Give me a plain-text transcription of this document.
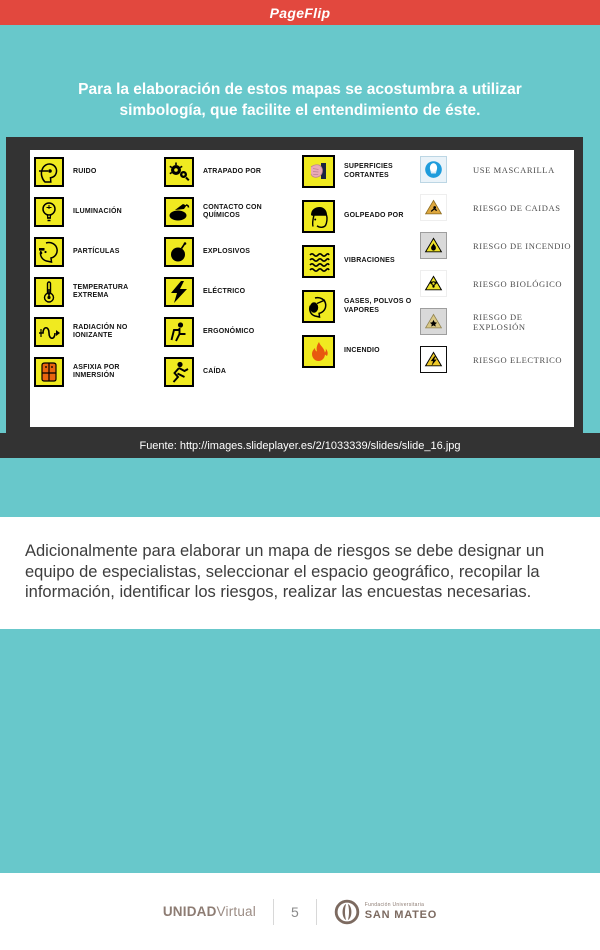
PageFlip
Para la elaboración de estos mapas se acostumbra a utilizar
simbología, que facilite el entendimiento de éste.
RUIDO
ILUMINACIÓN
PARTÍCULAS
TEMPERATURA EXTREMA
RADIACIÓN NO IONIZANTE
ASFIXIA POR INMERSIÓN
ATRAPADO POR
CONTACTO CON QUÍMICOS
EXPLOSIVOS
ELÉCTRICO
ERGONÓMICO
CAÍDA
SUPERFICIES CORTANTES
GOLPEADO POR
VIBRACIONES
GASES, POLVOS O VAPORES
INCENDIO
USE MASCARILLA
RIESGO DE CAIDAS
RIESGO DE INCENDIO
RIESGO BIOLÓGICO
RIESGO DE EXPLOSIÓN
RIESGO ELECTRICO
Fuente: http://images.slideplayer.es/2/1033339/slides/slide_16.jpg

Adicionalmente para elaborar un mapa de riesgos se debe designar un equipo de especialistas, seleccionar el espacio geográfico, recopilar la información, identificar los riesgos, realizar las encuestas necesarias.

UNIDADVirtual	5	Fundación Universitaria
SAN MATEO
